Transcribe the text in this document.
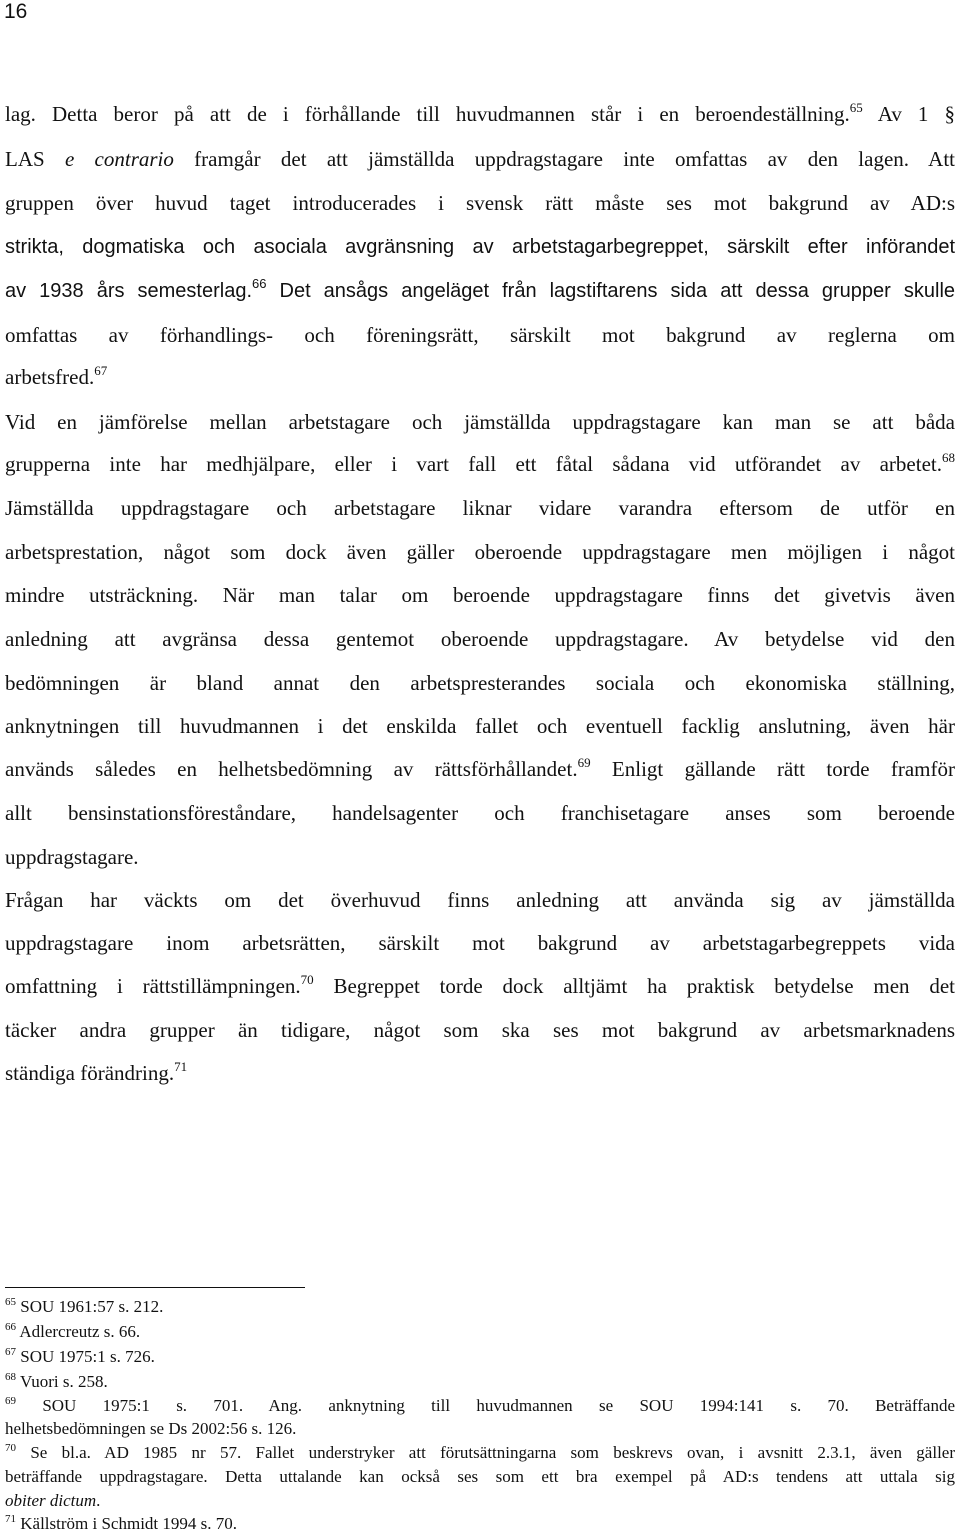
16
lag. Detta beror på att de i förhållande till huvudmannen står i en beroendeställning.$^{65}$ Av 1 §
LAS e contrario framgår det att jämställda uppdragstagare inte omfattas av den lagen. Att
gruppen över huvud taget introducerades i svensk rätt måste ses mot bakgrund av AD:s
strikta, dogmatiska och asociala avgränsning av arbetstagarbegreppet, särskilt efter införandet
av 1938 års semesterlag.$^{66}$ Det ansågs angeläget från lagstiftarens sida att dessa grupper skulle
omfattas av förhandlings- och föreningsrätt, särskilt mot bakgrund av reglerna om
arbetsfred.$^{67}$
Vid en jämförelse mellan arbetstagare och jämställda uppdragstagare kan man se att båda
grupperna inte har medhjälpare, eller i vart fall ett fåtal sådana vid utförandet av arbetet.$^{68}$
Jämställda uppdragstagare och arbetstagare liknar vidare varandra eftersom de utför en
arbetsprestation, något som dock även gäller oberoende uppdragstagare men möjligen i något
mindre utsträckning. När man talar om beroende uppdragstagare finns det givetvis även
anledning att avgränsa dessa gentemot oberoende uppdragstagare. Av betydelse vid den
bedömningen är bland annat den arbetspresterandes sociala och ekonomiska ställning,
anknytningen till huvudmannen i det enskilda fallet och eventuell facklig anslutning, även här
används således en helhetsbedömning av rättsförhållandet.$^{69}$ Enligt gällande rätt torde framför
allt bensinstationsföreståndare, handelsagenter och franchisetagare anses som beroende
uppdragstagare.
Frågan har väckts om det överhuvud finns anledning att använda sig av jämställda
uppdragstagare inom arbetsrätten, särskilt mot bakgrund av arbetstagarbegreppets vida
omfattning i rättstillämpningen.$^{70}$ Begreppet torde dock alltjämt ha praktisk betydelse men det
täcker andra grupper än tidigare, något som ska ses mot bakgrund av arbetsmarknadens
ständiga förändring.$^{71}$
$^{65}$ SOU 1961:57 s. 212.
$^{66}$ Adlercreutz s. 66.
$^{67}$ SOU 1975:1 s. 726.
$^{68}$ Vuori s. 258.
$^{69}$ SOU 1975:1 s. 701. Ang. anknytning till huvudmannen se SOU 1994:141 s. 70. Beträffande
helhetsbedömningen se Ds 2002:56 s. 126.
$^{70}$ Se bl.a. AD 1985 nr 57. Fallet understryker att förutsättningarna som beskrevs ovan, i avsnitt 2.3.1, även gäller
beträffande uppdragstagare. Detta uttalande kan också ses som ett bra exempel på AD:s tendens att uttala sig
obiter dictum.
$^{71}$ Källström i Schmidt 1994 s. 70.
